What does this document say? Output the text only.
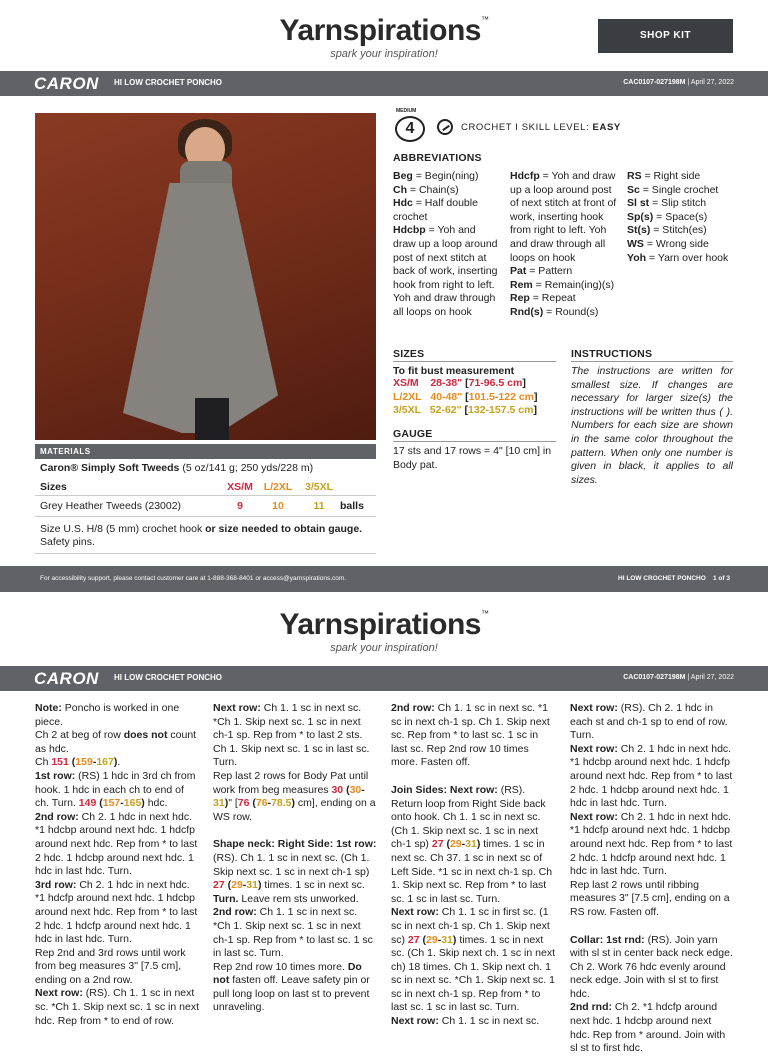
Yarnspirations™
spark your inspiration!
SHOP KIT
CARON HI LOW CROCHET PONCHO	CAC0107-027198M | April 27, 2022
MEDIUM
4	CROCHET I SKILL LEVEL: EASY
ABBREVIATIONS
Beg = Begin(ning)
Ch = Chain(s)
Hdc = Half double crochet
Hdcbp = Yoh and draw up a loop around post of next stitch at back of work, inserting hook from right to left. Yoh and draw through all loops on hook
Hdcfp = Yoh and draw up a loop around post of next stitch at front of work, inserting hook from right to left. Yoh and draw through all loops on hook
Pat = Pattern
Rem = Remain(ing)(s)
Rep = Repeat
Rnd(s) = Round(s)
RS = Right side
Sc = Single crochet
Sl st = Slip stitch
Sp(s) = Space(s)
St(s) = Stitch(es)
WS = Wrong side
Yoh = Yarn over hook
SIZES
To fit bust measurement
XS/M 28-38" [71-96.5 cm]
L/2XL 40-48" [101.5-122 cm]
3/5XL 52-62" [132-157.5 cm]
GAUGE
17 sts and 17 rows = 4" [10 cm] in Body pat.
INSTRUCTIONS
The instructions are written for smallest size. If changes are necessary for larger size(s) the instructions will be written thus ( ). Numbers for each size are shown in the same color throughout the pattern. When only one number is given in black, it applies to all sizes.
MATERIALS
Caron® Simply Soft Tweeds (5 oz/141 g; 250 yds/228 m)
Sizes	XS/M	L/2XL	3/5XL
Grey Heather Tweeds (23002)	9	10	11	balls
Size U.S. H/8 (5 mm) crochet hook or size needed to obtain gauge.
Safety pins.
For accessibility support, please contact customer care at 1-888-368-8401 or access@yarnspirations.com.	HI LOW CROCHET PONCHO 1 of 3
Yarnspirations™
spark your inspiration!
CARON HI LOW CROCHET PONCHO	CAC0107-027198M | April 27, 2022

Note: Poncho is worked in one piece.

Ch 2 at beg of row does not count as hdc.

Ch 151 (159-167).

1st row: (RS) 1 hdc in 3rd ch from hook. 1 hdc in each ch to end of ch. Turn. 149 (157-165) hdc.

2nd row: Ch 2. 1 hdc in next hdc. *1 hdcbp around next hdc. 1 hdcfp around next hdc. Rep from * to last 2 hdc. 1 hdcbp around next hdc. 1 hdc in last hdc. Turn.

3rd row: Ch 2. 1 hdc in next hdc. *1 hdcfp around next hdc. 1 hdcbp around next hdc. Rep from * to last 2 hdc. 1 hdcfp around next hdc. 1 hdc in last hdc. Turn.

Rep 2nd and 3rd rows until work from beg measures 3" [7.5 cm], ending on a 2nd row.

Next row: (RS). Ch 1. 1 sc in next sc. *Ch 1. Skip next sc. 1 sc in next hdc. Rep from * to end of row.

Next row: Ch 1. 1 sc in next sc. *Ch 1. Skip next sc. 1 sc in next ch-1 sp. Rep from * to last 2 sts. Ch 1. Skip next sc. 1 sc in last sc. Turn.

Rep last 2 rows for Body Pat until work from beg measures 30 (30-31)" [76 (76-78.5) cm], ending on a WS row.

Shape neck: Right Side: 1st row: (RS). Ch 1. 1 sc in next sc. (Ch 1. Skip next sc. 1 sc in next ch-1 sp) 27 (29-31) times. 1 sc in next sc. Turn. Leave rem sts unworked.

2nd row: Ch 1. 1 sc in next sc. *Ch 1. Skip next sc. 1 sc in next ch-1 sp. Rep from * to last sc. 1 sc in last sc. Turn.

Rep 2nd row 10 times more. Do not fasten off. Leave safety pin or pull long loop on last st to prevent unraveling.

2nd row: Ch 1. 1 sc in next sc. *1 sc in next ch-1 sp. Ch 1. Skip next sc. Rep from * to last sc. 1 sc in last sc. Rep 2nd row 10 times more. Fasten off.

Join Sides: Next row: (RS). Return loop from Right Side back onto hook. Ch 1. 1 sc in next sc. (Ch 1. Skip next sc. 1 sc in next ch-1 sp) 27 (29-31) times. 1 sc in next sc. Ch 37. 1 sc in next sc of Left Side. *1 sc in next ch-1 sp. Ch 1. Skip next sc. Rep from * to last sc. 1 sc in last sc. Turn.

Next row: Ch 1. 1 sc in first sc. (1 sc in next ch-1 sp. Ch 1. Skip next sc) 27 (29-31) times. 1 sc in next sc. (Ch 1. Skip next ch. 1 sc in next ch) 18 times. Ch 1. Skip next ch. 1 sc in next sc. *Ch 1. Skip next sc. 1 sc in next ch-1 sp. Rep from * to last sc. 1 sc in last sc. Turn.

Next row: Ch 1. 1 sc in next sc.

Next row: (RS). Ch 2. 1 hdc in each st and ch-1 sp to end of row. Turn.

Next row: Ch 2. 1 hdc in next hdc. *1 hdcbp around next hdc. 1 hdcfp around next hdc. Rep from * to last 2 hdc. 1 hdcbp around next hdc. 1 hdc in last hdc. Turn.

Next row: Ch 2. 1 hdc in next hdc. *1 hdcfp around next hdc. 1 hdcbp around next hdc. Rep from * to last 2 hdc. 1 hdcfp around next hdc. 1 hdc in last hdc. Turn.

Rep last 2 rows until ribbing measures 3" [7.5 cm], ending on a RS row. Fasten off.

Collar: 1st rnd: (RS). Join yarn with sl st in center back neck edge. Ch 2. Work 76 hdc evenly around neck edge. Join with sl st to first hdc.

2nd rnd: Ch 2. *1 hdcfp around next hdc. 1 hdcbp around next hdc. Rep from * around. Join with sl st to first hdc.
